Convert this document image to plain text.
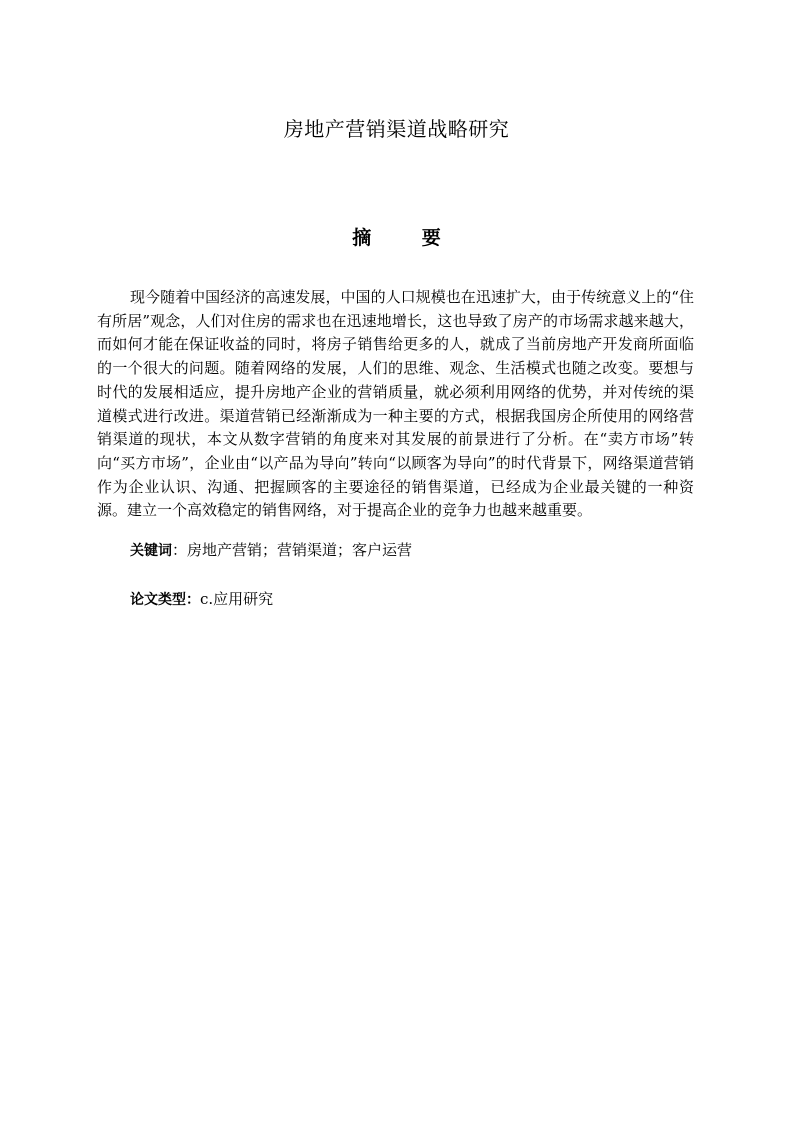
房地产营销渠道战略研究
摘 要

现今随着中国经济的高速发展，中国的人口规模也在迅速扩大，由于传统意义上的“住有所居”观念，人们对住房的需求也在迅速地增长，这也导致了房产的市场需求越来越大，而如何才能在保证收益的同时，将房子销售给更多的人，就成了当前房地产开发商所面临的一个很大的问题。随着网络的发展，人们的思维、观念、生活模式也随之改变。要想与时代的发展相适应，提升房地产企业的营销质量，就必须利用网络的优势，并对传统的渠道模式进行改进。渠道营销已经渐渐成为一种主要的方式，根据我国房企所使用的网络营销渠道的现状，本文从数字营销的角度来对其发展的前景进行了分析。在“卖方市场”转向“买方市场”，企业由“以产品为导向”转向“以顾客为导向”的时代背景下，网络渠道营销作为企业认识、沟通、把握顾客的主要途径的销售渠道，已经成为企业最关键的一种资源。建立一个高效稳定的销售网络，对于提高企业的竞争力也越来越重要。

关键词：房地产营销；营销渠道；客户运营
论文类型：c.应用研究
